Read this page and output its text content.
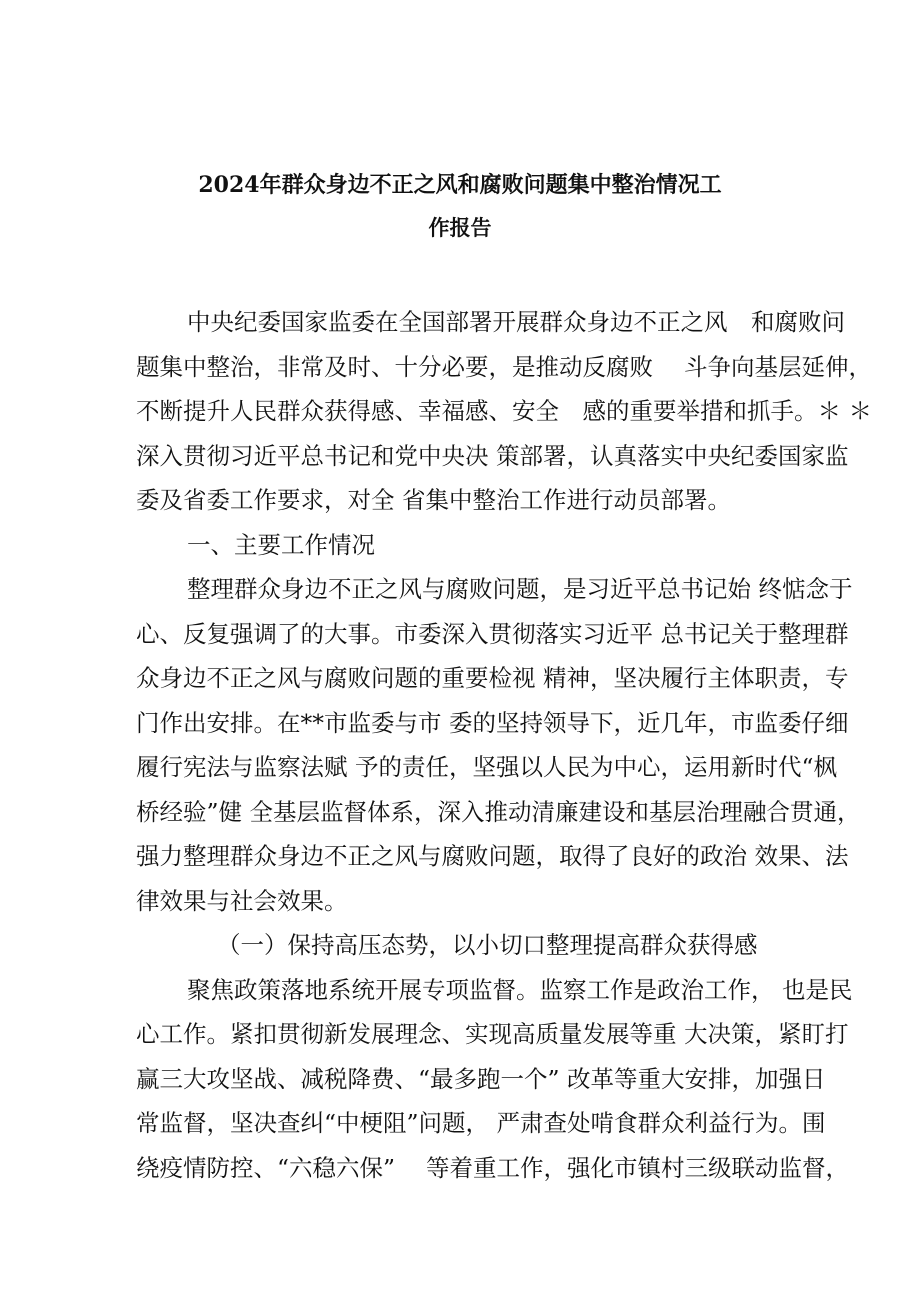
2024年群众身边不正之风和腐败问题集中整治情况工
作报告
中央纪委国家监委在全国部署开展群众身边不正之风　和腐败问
题集中整治，非常及时、十分必要，是推动反腐败　 斗争向基层延伸，
不断提升人民群众获得感、幸福感、安全　感的重要举措和抓手。＊ ＊
深入贯彻习近平总书记和党中央决 策部署，认真落实中央纪委国家监
委及省委工作要求，对全 省集中整治工作进行动员部署。
一、主要工作情况
整理群众身边不正之风与腐败问题，是习近平总书记始 终惦念于
心、反复强调了的大事。市委深入贯彻落实习近平 总书记关于整理群
众身边不正之风与腐败问题的重要检视 精神，坚决履行主体职责，专
门作出安排。在**市监委与市 委的坚持领导下，近几年，市监委仔细
履行宪法与监察法赋 予的责任，坚强以人民为中心，运用新时代“枫
桥经验”健 全基层监督体系，深入推动清廉建设和基层治理融合贯通，
强力整理群众身边不正之风与腐败问题，取得了良好的政治 效果、法
律效果与社会效果。
（一）保持高压态势，以小切口整理提高群众获得感
聚焦政策落地系统开展专项监督。监察工作是政治工作， 也是民
心工作。紧扣贯彻新发展理念、实现高质量发展等重 大决策，紧盯打
赢三大攻坚战、减税降费、“最多跑一个” 改革等重大安排，加强日
常监督，坚决查纠“中梗阻”问题， 严肃查处啃食群众利益行为。围
绕疫情防控、“六稳六保”　 等着重工作，强化市镇村三级联动监督，
